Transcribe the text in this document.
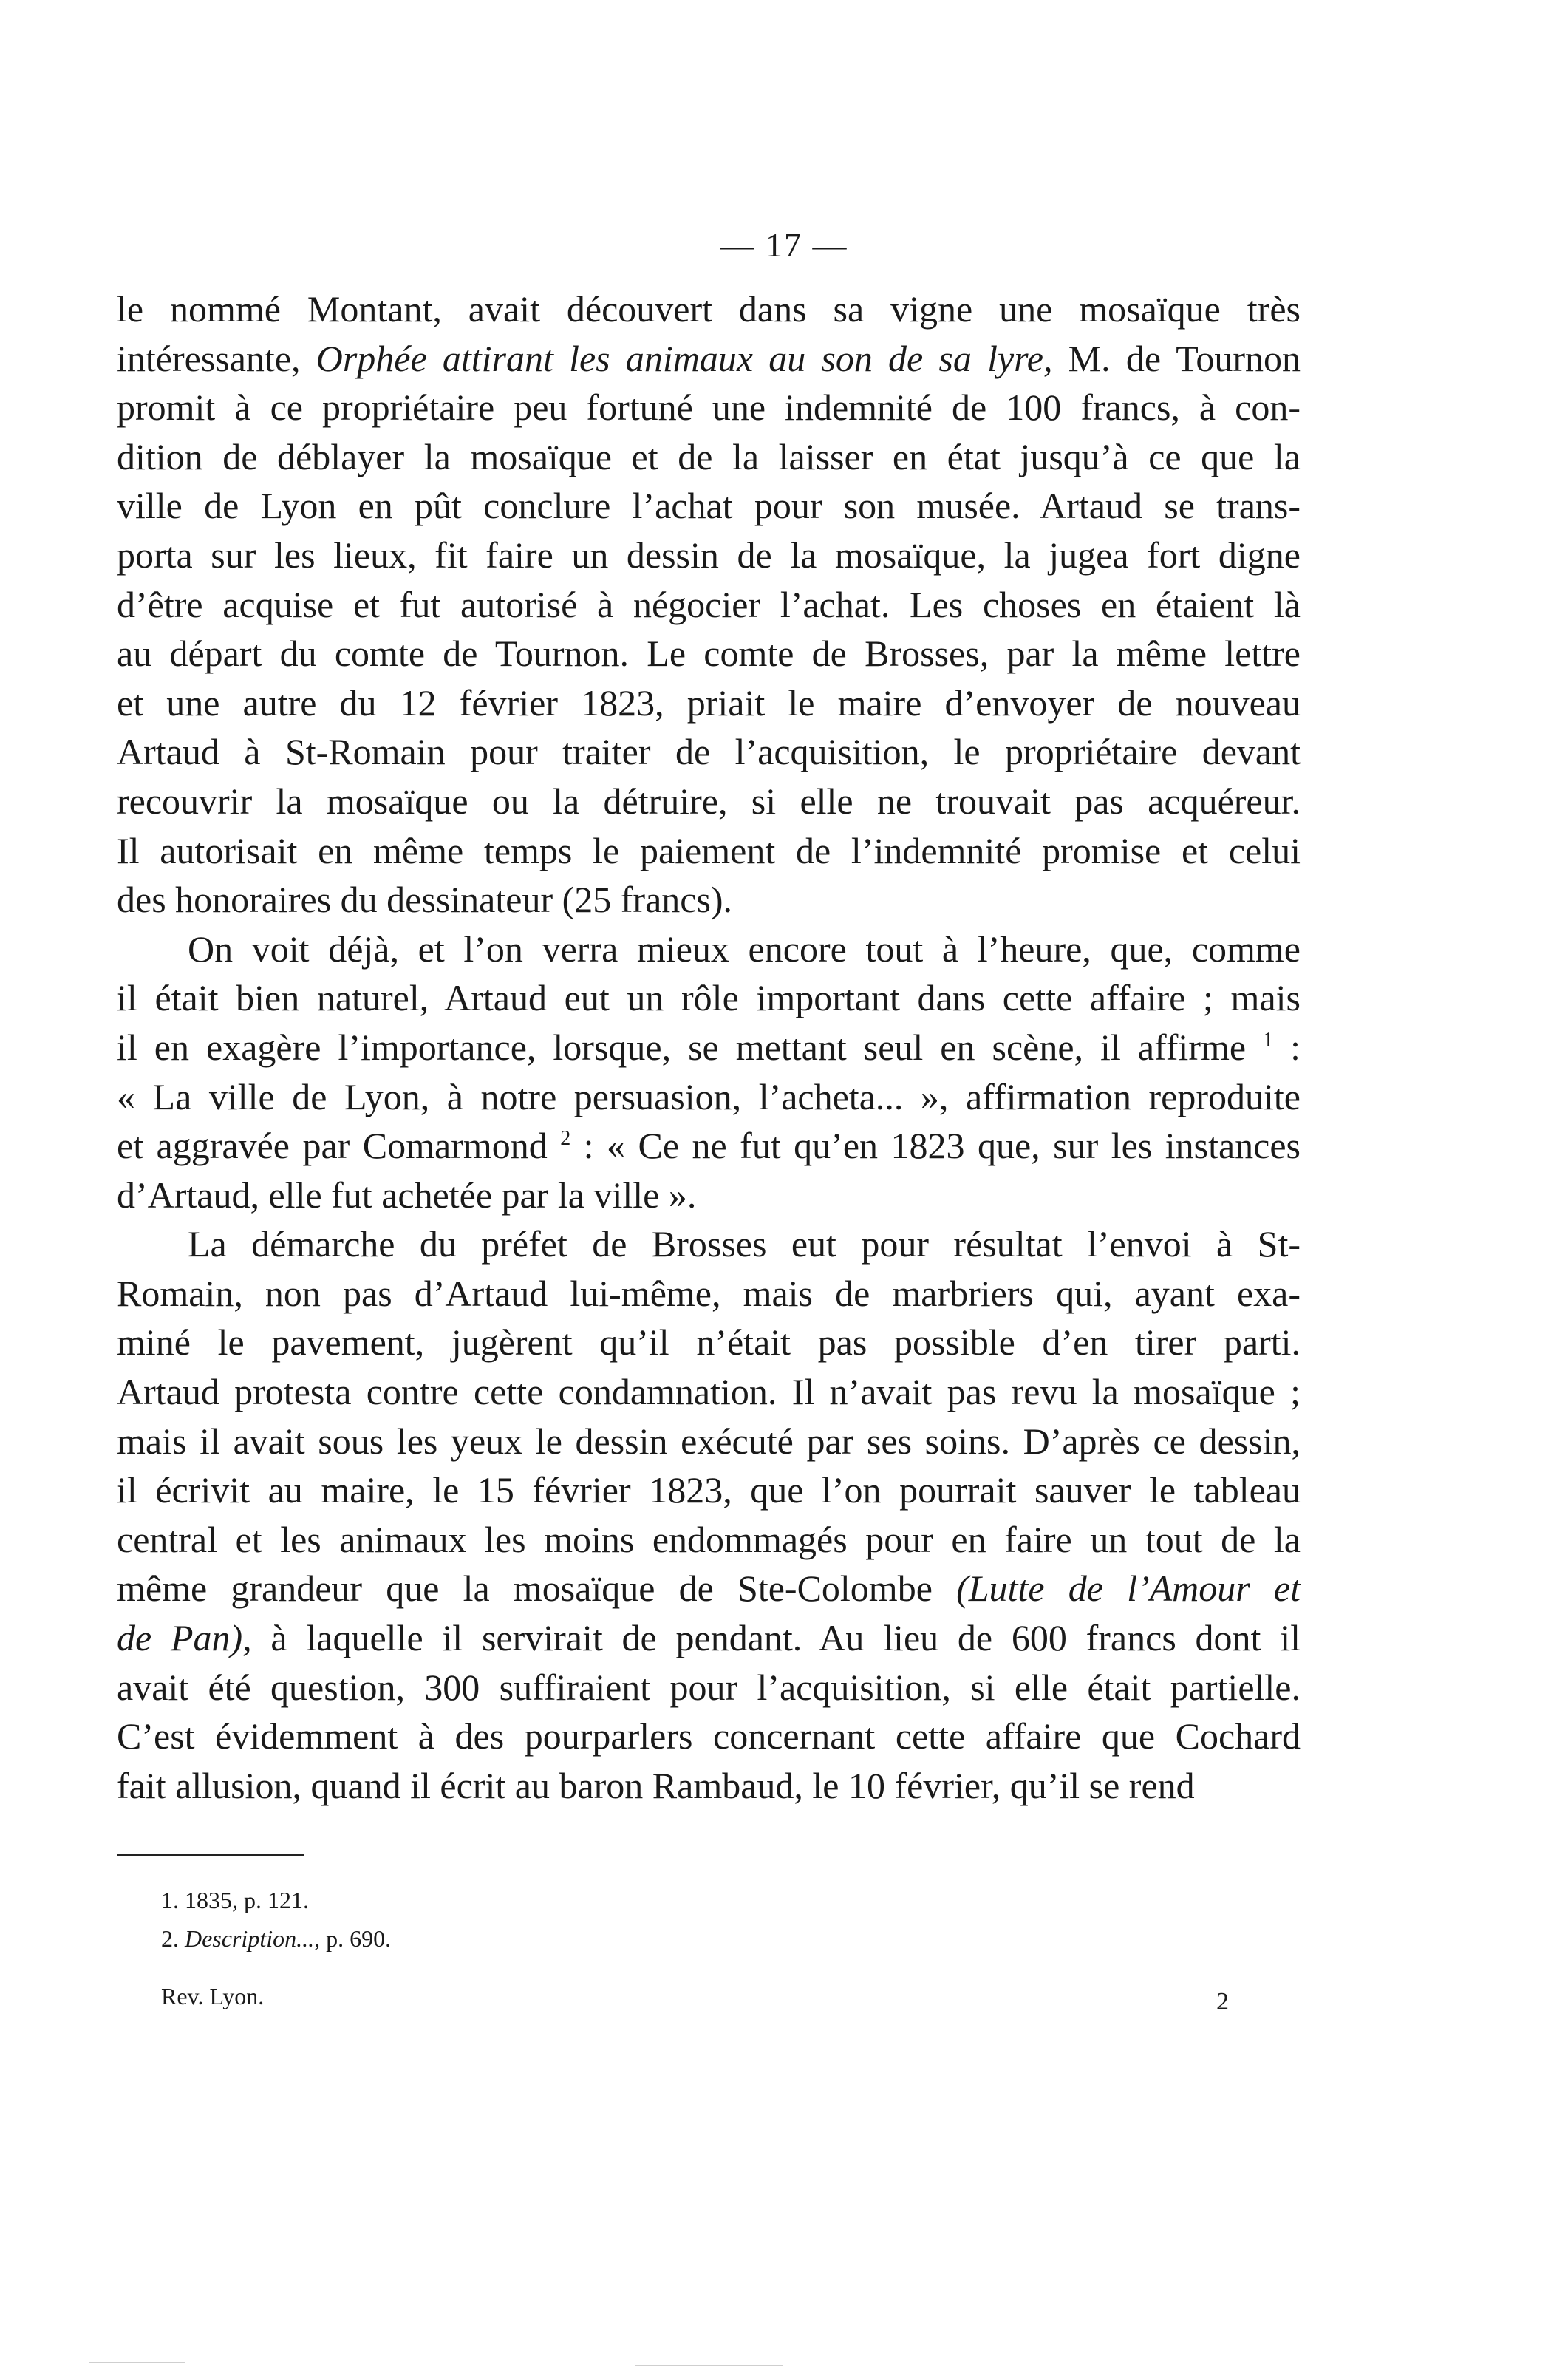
— 17 —
le nommé Montant, avait découvert dans sa vigne une mosaïque très
intéressante, Orphée attirant les animaux au son de sa lyre, M. de Tournon
promit à ce propriétaire peu fortuné une indemnité de 100 francs, à con-
dition de déblayer la mosaïque et de la laisser en état jusqu’à ce que la
ville de Lyon en pût conclure l’achat pour son musée. Artaud se trans-
porta sur les lieux, fit faire un dessin de la mosaïque, la jugea fort digne
d’être acquise et fut autorisé à négocier l’achat. Les choses en étaient là
au départ du comte de Tournon. Le comte de Brosses, par la même lettre
et une autre du 12 février 1823, priait le maire d’envoyer de nouveau
Artaud à St-Romain pour traiter de l’acquisition, le propriétaire devant
recouvrir la mosaïque ou la détruire, si elle ne trouvait pas acquéreur.
Il autorisait en même temps le paiement de l’indemnité promise et celui
des honoraires du dessinateur (25 francs).
On voit déjà, et l’on verra mieux encore tout à l’heure, que, comme
il était bien naturel, Artaud eut un rôle important dans cette affaire ; mais
il en exagère l’importance, lorsque, se mettant seul en scène, il affirme $^1$ :
« La ville de Lyon, à notre persuasion, l’acheta... », affirmation reproduite
et aggravée par Comarmond $^2$ : « Ce ne fut qu’en 1823 que, sur les instances
d’Artaud, elle fut achetée par la ville ».
La démarche du préfet de Brosses eut pour résultat l’envoi à St-
Romain, non pas d’Artaud lui-même, mais de marbriers qui, ayant exa-
miné le pavement, jugèrent qu’il n’était pas possible d’en tirer parti.
Artaud protesta contre cette condamnation. Il n’avait pas revu la mosaïque ;
mais il avait sous les yeux le dessin exécuté par ses soins. D’après ce dessin,
il écrivit au maire, le 15 février 1823, que l’on pourrait sauver le tableau
central et les animaux les moins endommagés pour en faire un tout de la
même grandeur que la mosaïque de Ste-Colombe (Lutte de l’Amour et
de Pan), à laquelle il servirait de pendant. Au lieu de 600 francs dont il
avait été question, 300 suffiraient pour l’acquisition, si elle était partielle.
C’est évidemment à des pourparlers concernant cette affaire que Cochard
fait allusion, quand il écrit au baron Rambaud, le 10 février, qu’il se rend
1. 1835, p. 121.
2. Description..., p. 690.
Rev. Lyon.	2
